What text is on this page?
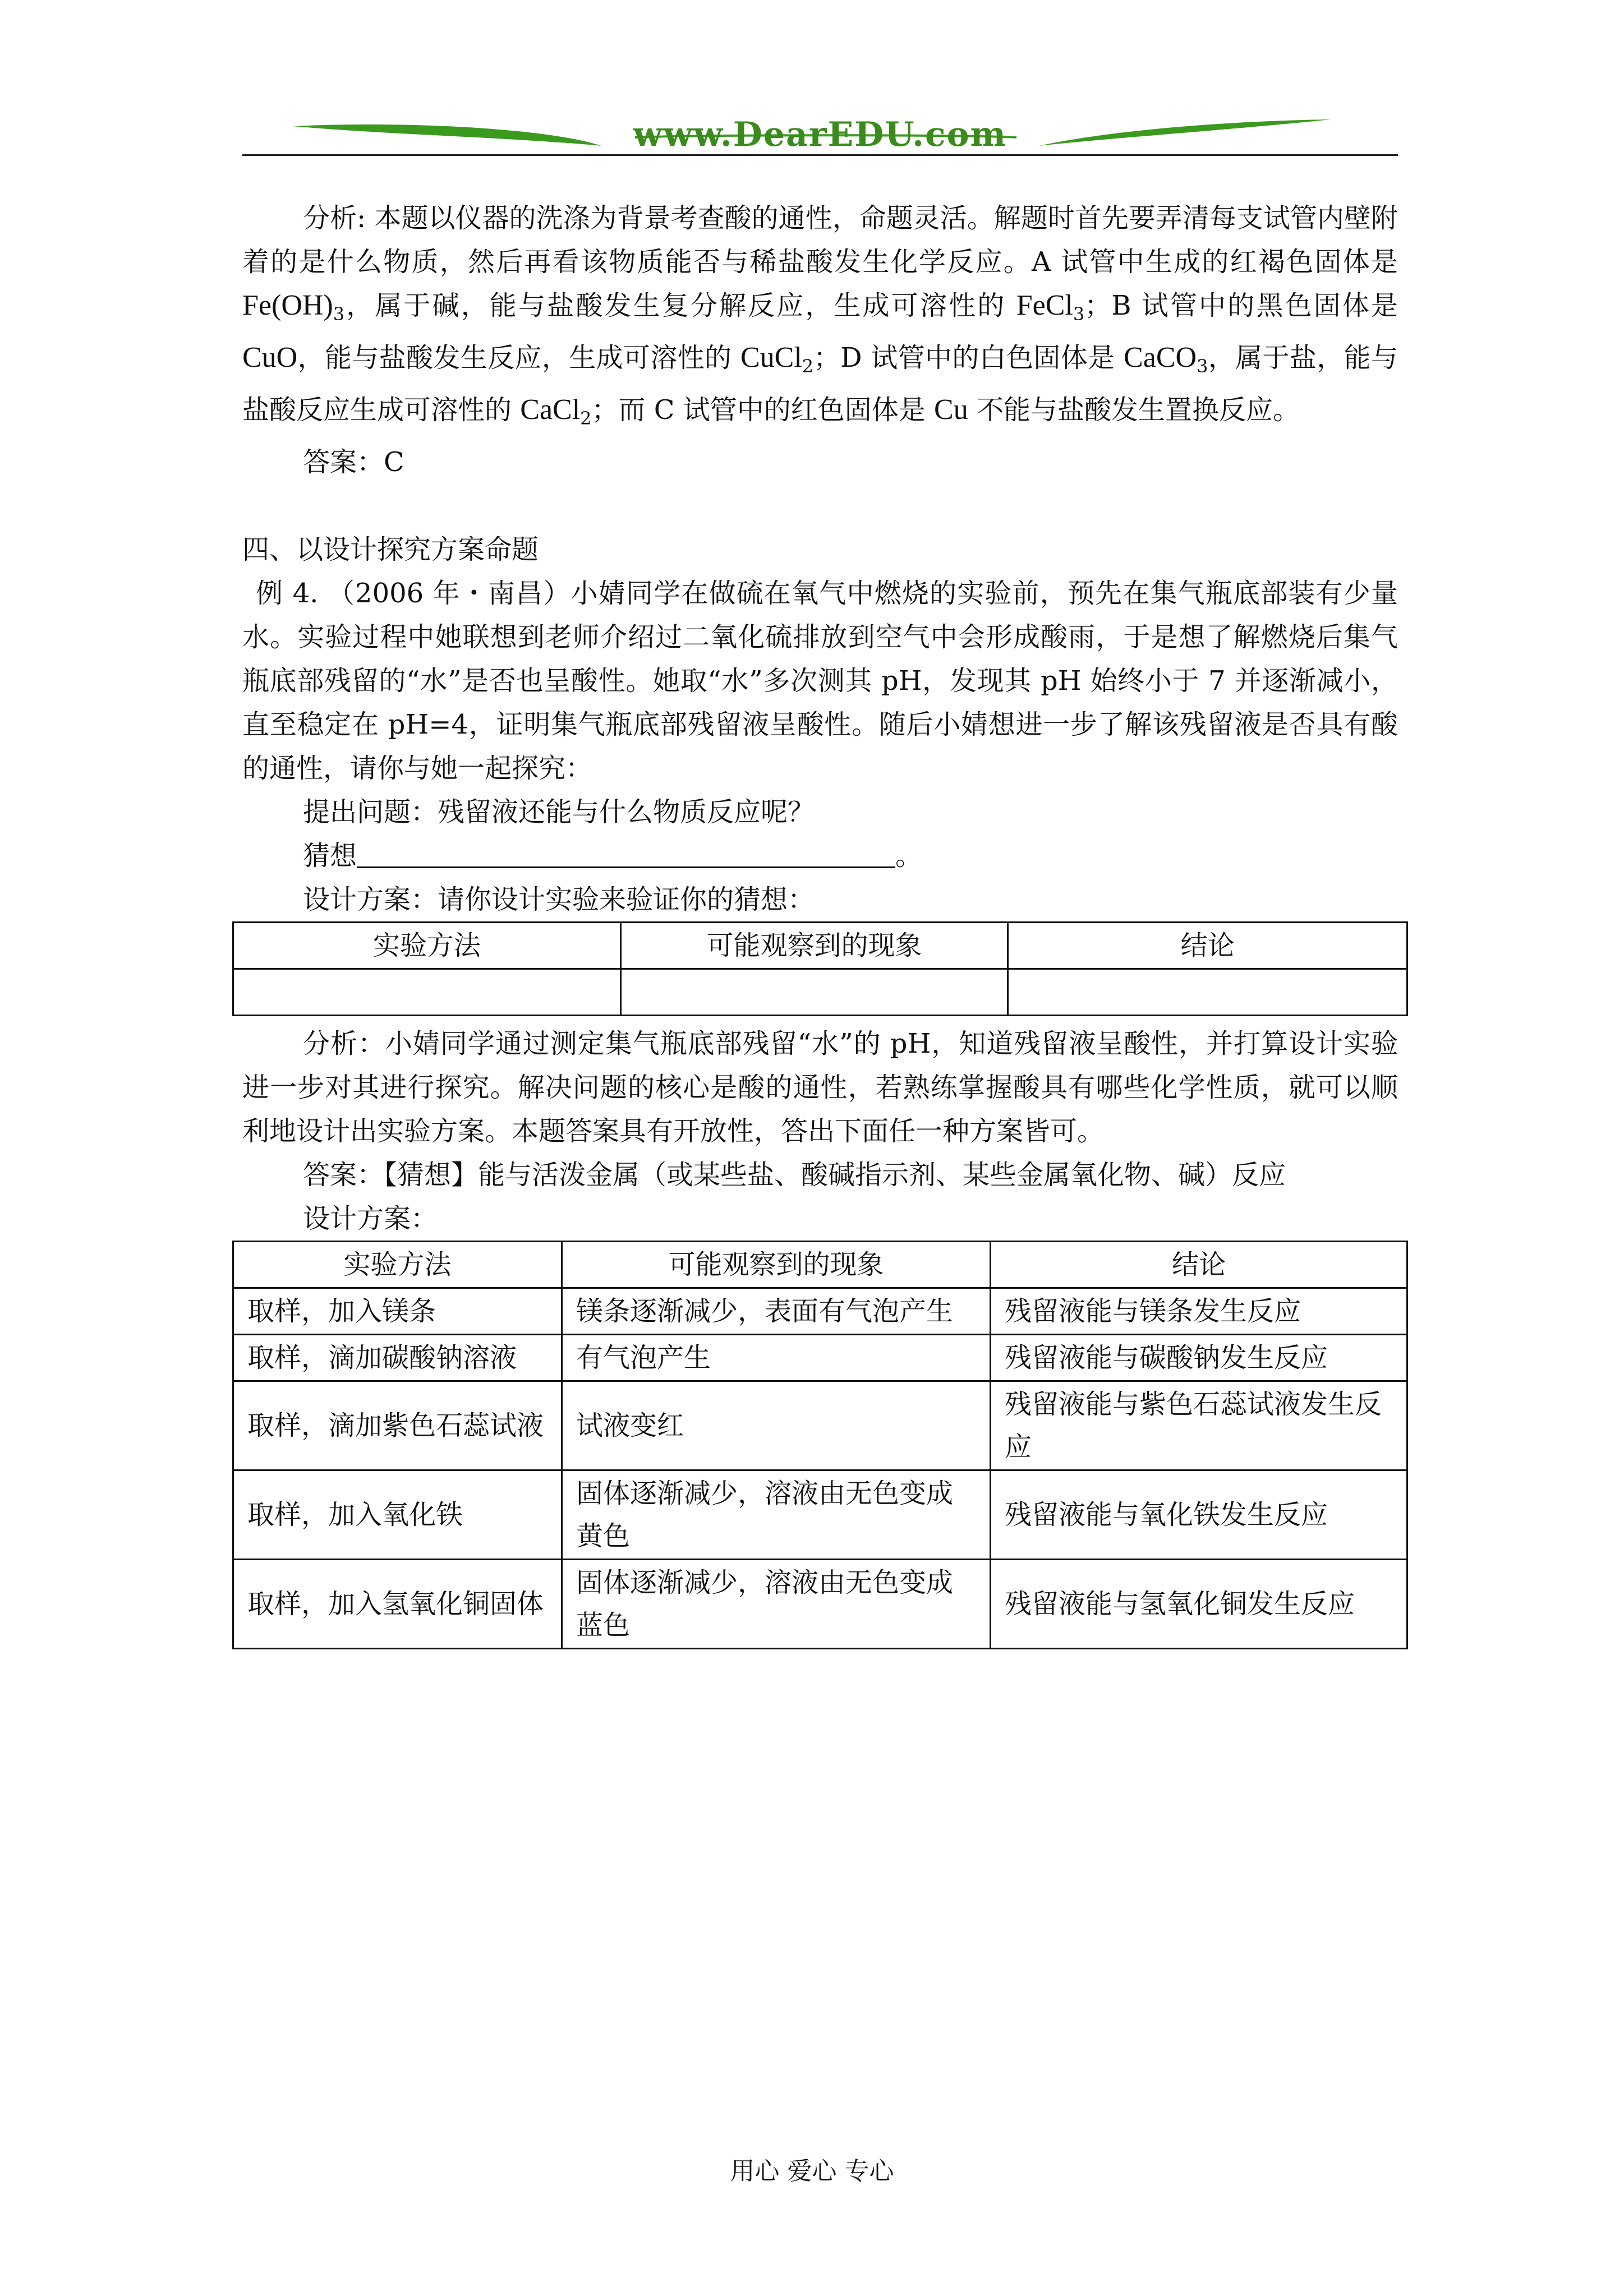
www.DearEDU.com

分析: 本题以仪器的洗涤为背景考查酸的通性，命题灵活。解题时首先要弄清每支试管内壁附着的是什么物质，然后再看该物质能否与稀盐酸发生化学反应。A 试管中生成的红褐色固体是 $Fe(OH)_3$，属于碱，能与盐酸发生复分解反应，生成可溶性的 FeCl$_3$；B 试管中的黑色固体是 CuO，能与盐酸发生反应，生成可溶性的 CuCl$_2$；D 试管中的白色固体是 CaCO$_3$，属于盐，能与盐酸反应生成可溶性的 CaCl$_2$；而 C 试管中的红色固体是 Cu 不能与盐酸发生置换反应。

答案：C

四、以设计探究方案命题

例 4. （2006 年・南昌）小婧同学在做硫在氧气中燃烧的实验前，预先在集气瓶底部装有少量水。实验过程中她联想到老师介绍过二氧化硫排放到空气中会形成酸雨，于是想了解燃烧后集气瓶底部残留的“水”是否也呈酸性。她取“水”多次测其 pH，发现其 pH 始终小于 7 并逐渐减小，直至稳定在 pH=4，证明集气瓶底部残留液呈酸性。随后小婧想进一步了解该残留液是否具有酸的通性，请你与她一起探究：

提出问题：残留液还能与什么物质反应呢？

猜想	。

设计方案：请你设计实验来验证你的猜想：

实验方法	可能观察到的现象	结论

分析：小婧同学通过测定集气瓶底部残留“水”的 pH，知道残留液呈酸性，并打算设计实验进一步对其进行探究。解决问题的核心是酸的通性，若熟练掌握酸具有哪些化学性质，就可以顺利地设计出实验方案。本题答案具有开放性，答出下面任一种方案皆可。

答案：【猜想】能与活泼金属（或某些盐、酸碱指示剂、某些金属氧化物、碱）反应

设计方案：

实验方法	可能观察到的现象	结论
取样，加入镁条	镁条逐渐减少，表面有气泡产生	残留液能与镁条发生反应
取样，滴加碳酸钠溶液	有气泡产生	残留液能与碳酸钠发生反应
取样，滴加紫色石蕊试液	试液变红	残留液能与紫色石蕊试液发生反应
取样，加入氧化铁	固体逐渐减少，溶液由无色变成黄色	残留液能与氧化铁发生反应
取样，加入氢氧化铜固体	固体逐渐减少，溶液由无色变成蓝色	残留液能与氢氧化铜发生反应
用心 爱心 专心
